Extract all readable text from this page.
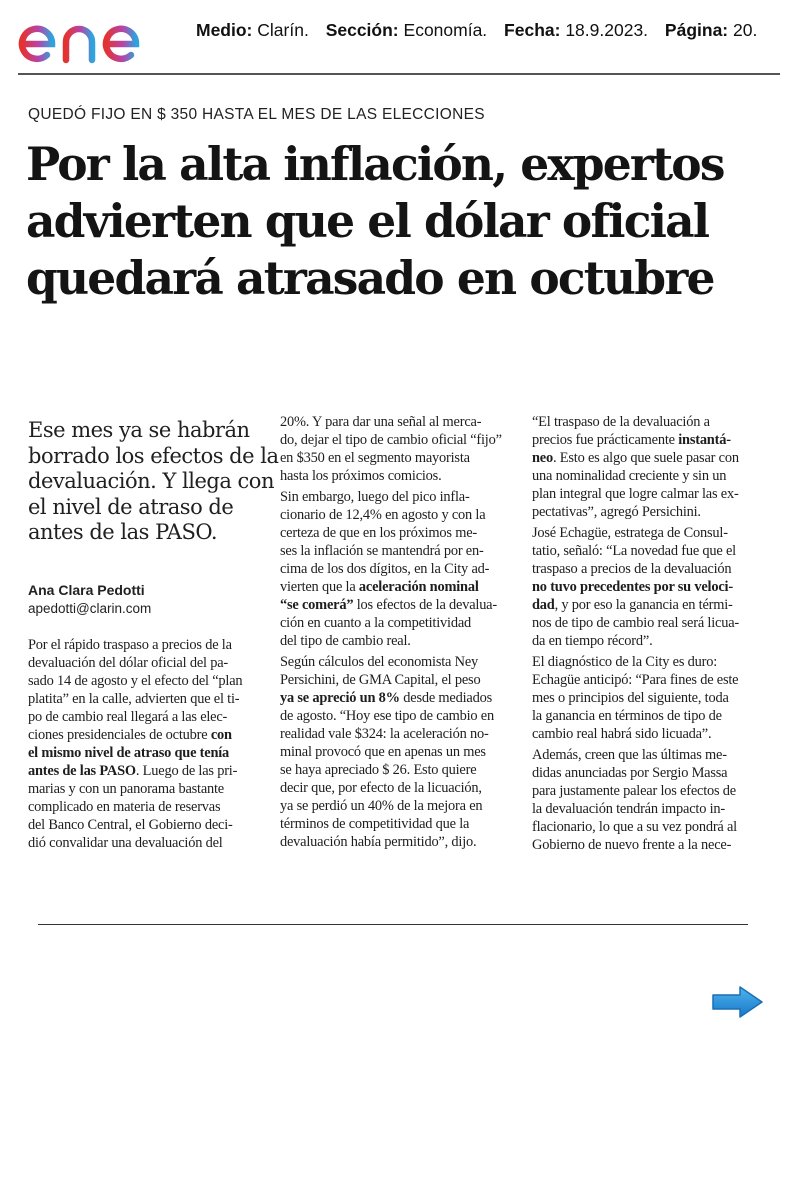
Medio: Clarín. Sección: Economía. Fecha: 18.9.2023. Página: 20.
QUEDÓ FIJO EN $ 350 HASTA EL MES DE LAS ELECCIONES
Por la alta inflación, expertos
advierten que el dólar oficial
quedará atrasado en octubre

Ese mes ya se habrán
borrado los efectos de la
devaluación. Y llega con
el nivel de atraso de
antes de las PASO.

Ana Clara Pedotti
apedotti@clarin.com
Por el rápido traspaso a precios de la
devaluación del dólar oficial del pa-
sado 14 de agosto y el efecto del “plan
platita” en la calle, advierten que el ti-
po de cambio real llegará a las elec-
ciones presidenciales de octubre con
el mismo nivel de atraso que tenía
antes de las PASO. Luego de las pri-
marias y con un panorama bastante
complicado en materia de reservas
del Banco Central, el Gobierno deci-
dió convalidar una devaluación del
20%. Y para dar una señal al merca-
do, dejar el tipo de cambio oficial “fijo”
en $350 en el segmento mayorista
hasta los próximos comicios.
Sin embargo, luego del pico infla-
cionario de 12,4% en agosto y con la
certeza de que en los próximos me-
ses la inflación se mantendrá por en-
cima de los dos dígitos, en la City ad-
vierten que la aceleración nominal
“se comerá” los efectos de la devalua-
ción en cuanto a la competitividad
del tipo de cambio real.
Según cálculos del economista Ney
Persichini, de GMA Capital, el peso
ya se apreció un 8% desde mediados
de agosto. “Hoy ese tipo de cambio en
realidad vale $324: la aceleración no-
minal provocó que en apenas un mes
se haya apreciado $ 26. Esto quiere
decir que, por efecto de la licuación,
ya se perdió un 40% de la mejora en
términos de competitividad que la
devaluación había permitido”, dijo.
“El traspaso de la devaluación a
precios fue prácticamente instantá-
neo. Esto es algo que suele pasar con
una nominalidad creciente y sin un
plan integral que logre calmar las ex-
pectativas”, agregó Persichini.
José Echagüe, estratega de Consul-
tatio, señaló: “La novedad fue que el
traspaso a precios de la devaluación
no tuvo precedentes por su veloci-
dad, y por eso la ganancia en térmi-
nos de tipo de cambio real será licua-
da en tiempo récord”.
El diagnóstico de la City es duro:
Echagüe anticipó: “Para fines de este
mes o principios del siguiente, toda
la ganancia en términos de tipo de
cambio real habrá sido licuada”.
Además, creen que las últimas me-
didas anunciadas por Sergio Massa
para justamente palear los efectos de
la devaluación tendrán impacto in-
flacionario, lo que a su vez pondrá al
Gobierno de nuevo frente a la nece-
